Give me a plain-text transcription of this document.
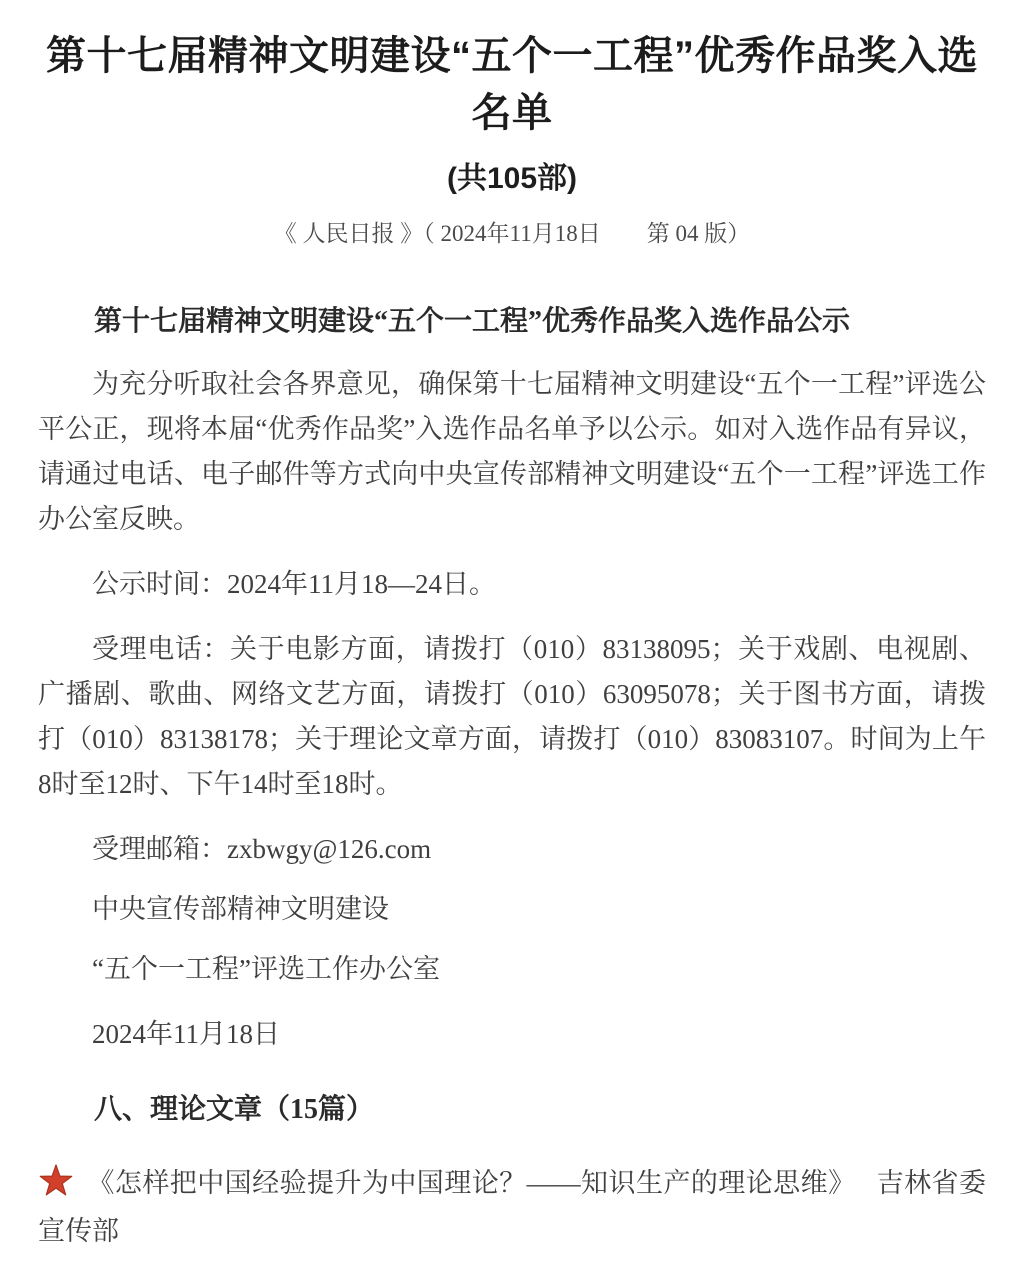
第十七届精神文明建设“五个一工程”优秀作品奖入选名单
(共105部)
《 人民日报 》（ 2024年11月18日　　第 04 版）
第十七届精神文明建设“五个一工程”优秀作品奖入选作品公示

为充分听取社会各界意见，确保第十七届精神文明建设“五个一工程”评选公平公正，现将本届“优秀作品奖”入选作品名单予以公示。如对入选作品有异议，请通过电话、电子邮件等方式向中央宣传部精神文明建设“五个一工程”评选工作办公室反映。

公示时间：2024年11月18—24日。

受理电话：关于电影方面，请拨打（010）83138095；关于戏剧、电视剧、广播剧、歌曲、网络文艺方面，请拨打（010）63095078；关于图书方面，请拨打（010）83138178；关于理论文章方面，请拨打（010）83083107。时间为上午8时至12时、下午14时至18时。

受理邮箱：zxbwgy@126.com

中央宣传部精神文明建设

“五个一工程”评选工作办公室

2024年11月18日

八、理论文章（15篇）

《怎样把中国经验提升为中国理论？——知识生产的理论思维》　 吉林省委宣传部
